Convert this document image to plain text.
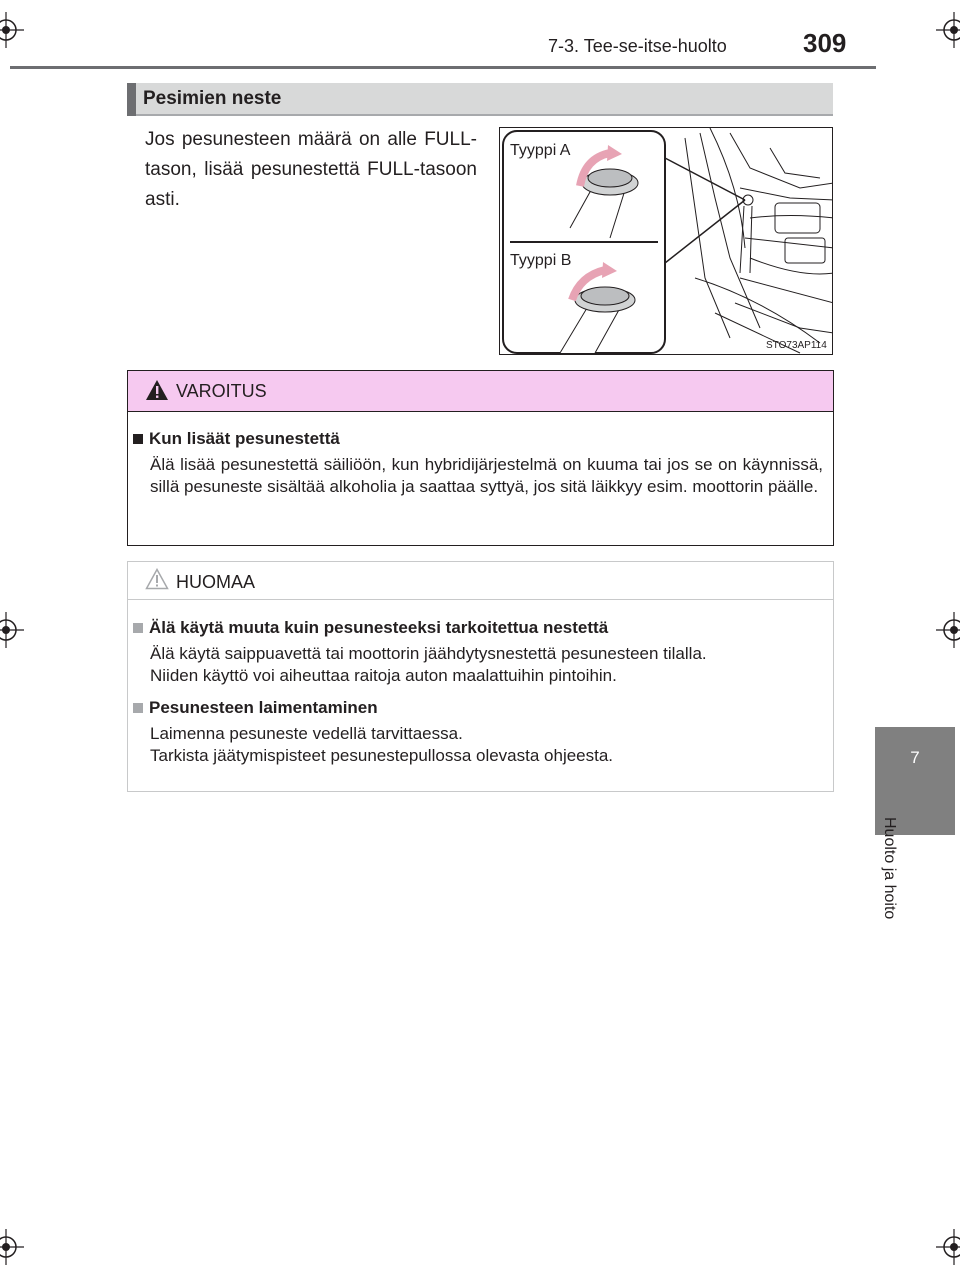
7-3. Tee-se-itse-huolto	309
7
Huolto ja hoito
Pesimien neste
Jos pesunesteen määrä on alle FULL-tason, lisää pesunestettä FULL-tasoon asti.
Tyyppi A
Tyyppi B
STO73AP114
VAROITUS
Kun lisäät pesunestettä
Älä lisää pesunestettä säiliöön, kun hybridijärjestelmä on kuuma tai jos se on käynnissä, sillä pesuneste sisältää alkoholia ja saattaa syttyä, jos sitä läikkyy esim. moottorin päälle.
HUOMAA
Älä käytä muuta kuin pesunesteeksi tarkoitettua nestettä
Älä käytä saippuavettä tai moottorin jäähdytysnestettä pesunesteen tilalla.
Niiden käyttö voi aiheuttaa raitoja auton maalattuihin pintoihin.
Pesunesteen laimentaminen
Laimenna pesuneste vedellä tarvittaessa.
Tarkista jäätymispisteet pesunestepullossa olevasta ohjeesta.
